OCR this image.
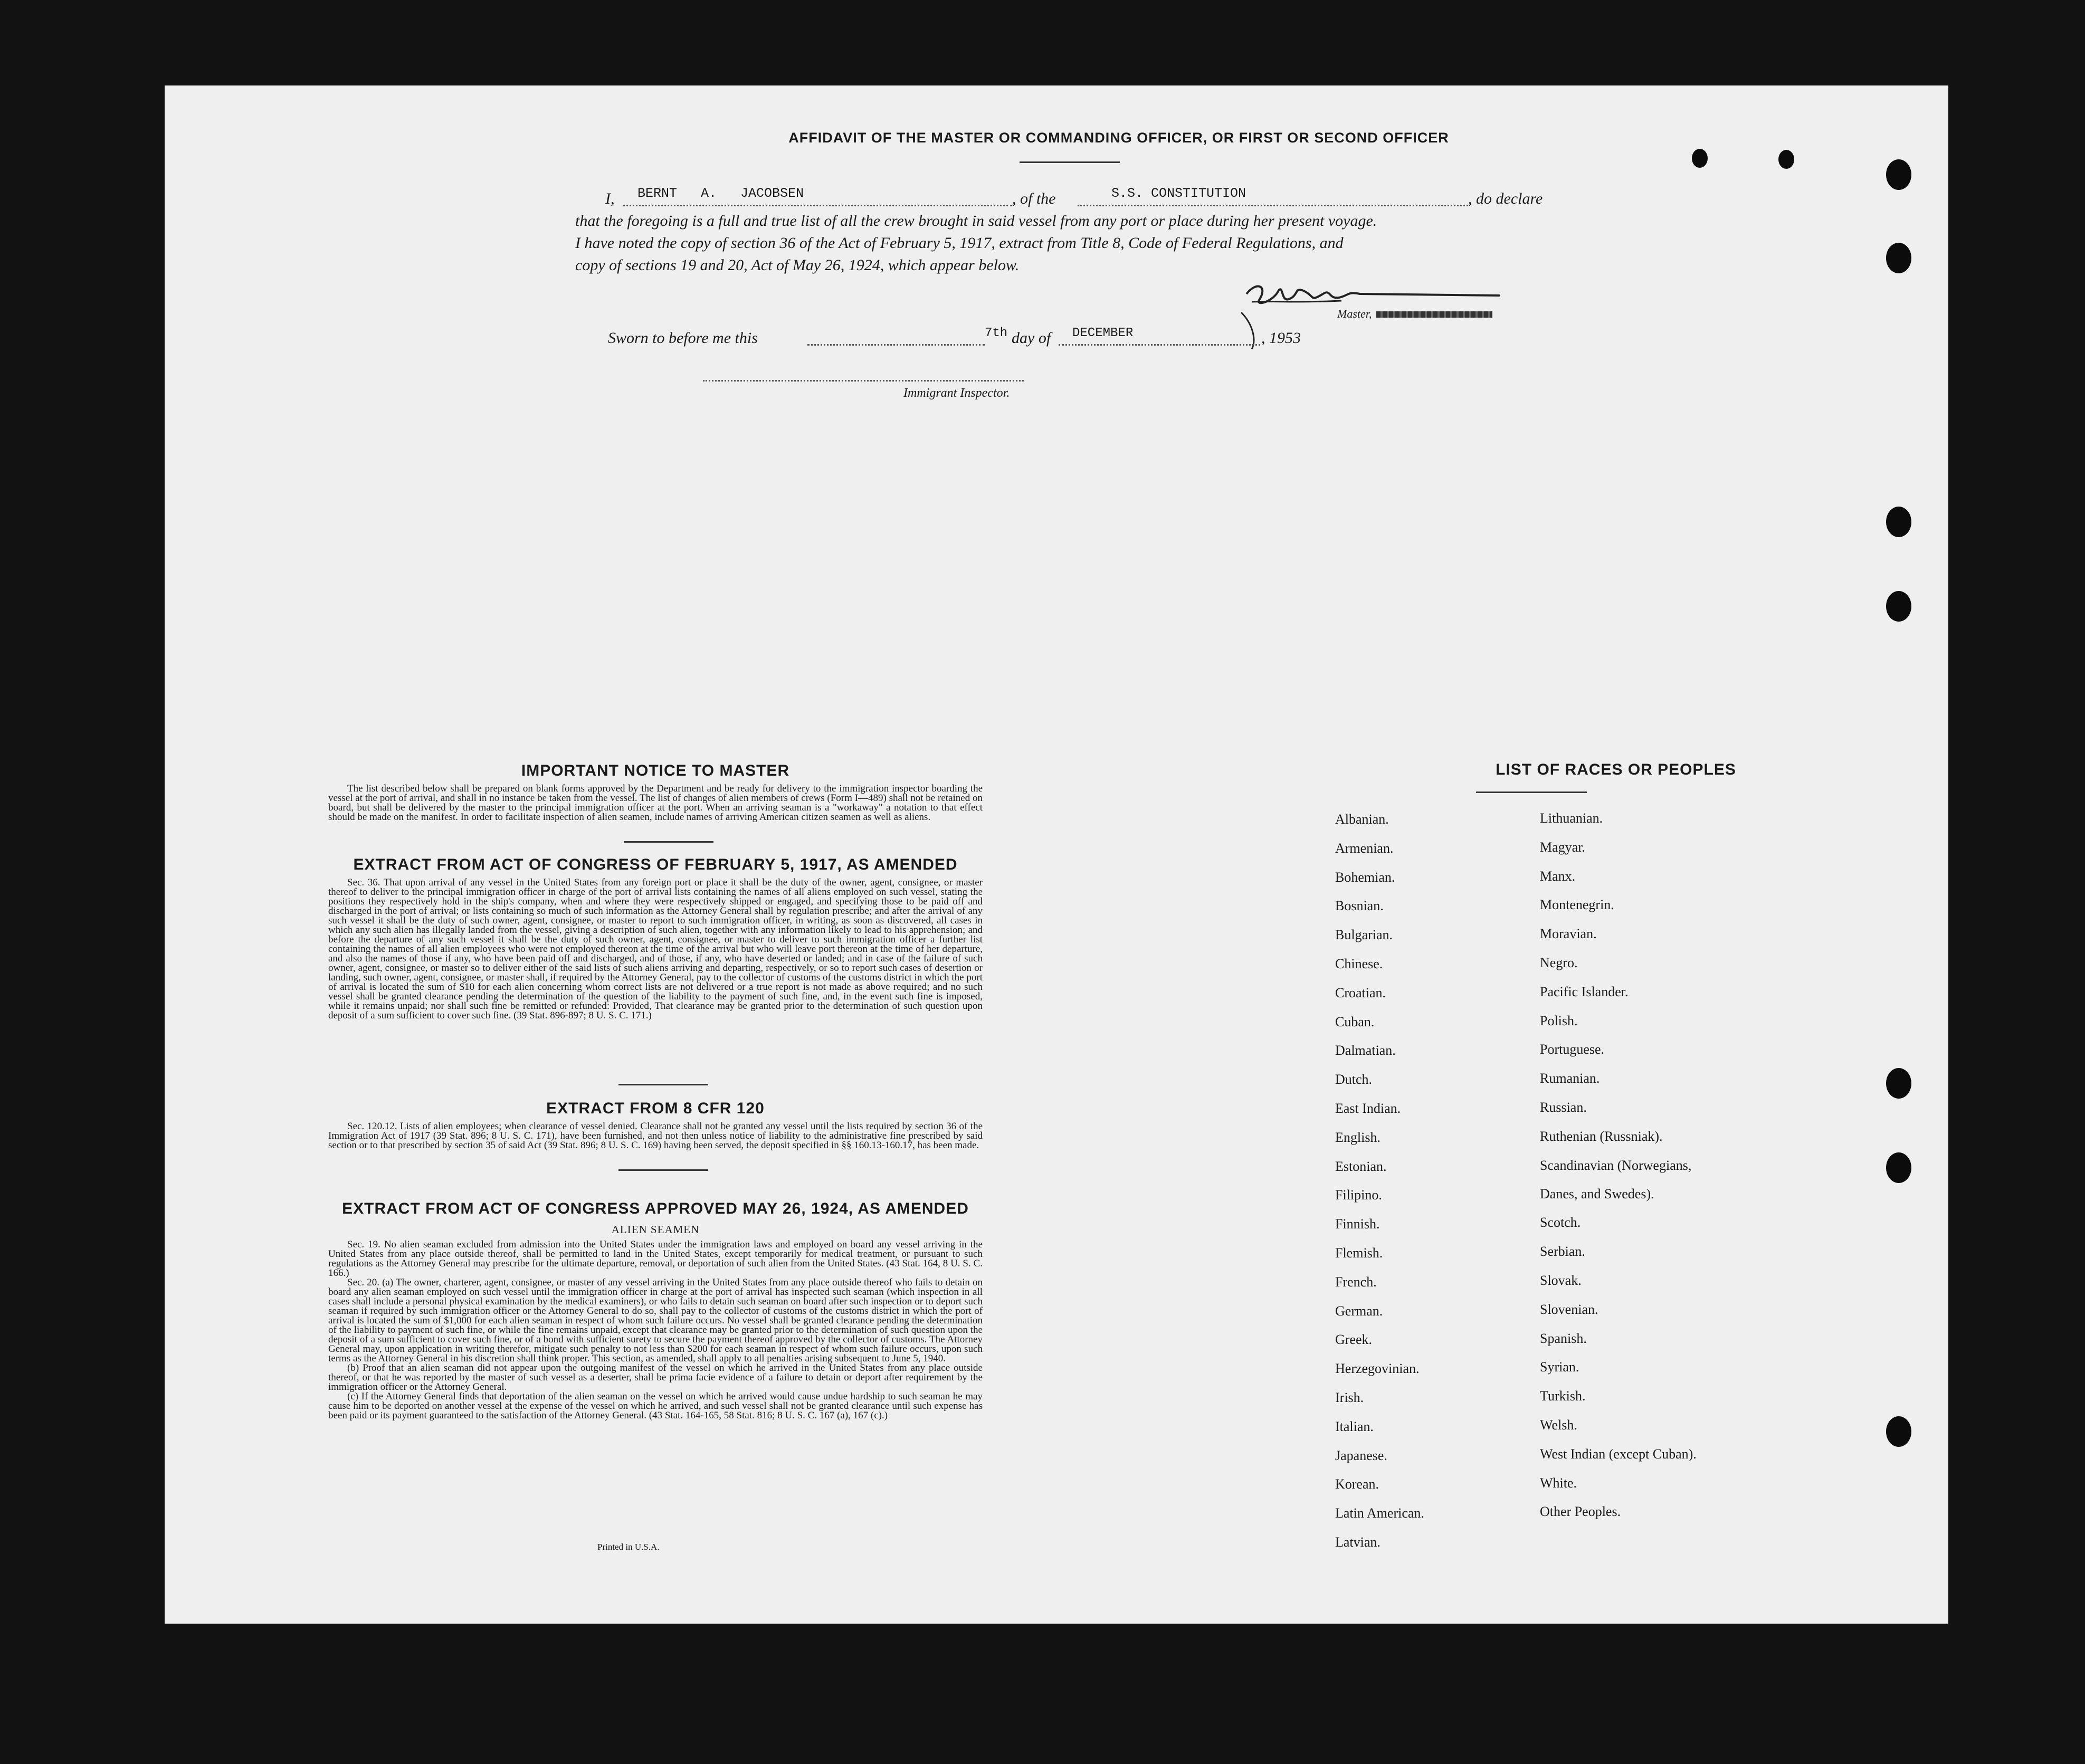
AFFIDAVIT OF THE MASTER OR COMMANDING OFFICER, OR FIRST OR SECOND OFFICER
I, BERNT   A.   JACOBSEN	, of the	S.S. CONSTITUTION	, do declare
that the foregoing is a full and true list of all the crew brought in said vessel from any port or place during her present voyage.
I have noted the copy of section 36 of the Act of February 5, 1917, extract from Title 8, Code of Federal Regulations, and
copy of sections 19 and 20, Act of May 26, 1924, which appear below.
Master,
Sworn to before me this	7th day of DECEMBER	, 1953
Immigrant Inspector.
IMPORTANT NOTICE TO MASTER

The list described below shall be prepared on blank forms approved by the Department and be ready for delivery to the immigration inspector boarding the vessel at the port of arrival, and shall in no instance be taken from the vessel. The list of changes of alien members of crews (Form I—489) shall not be retained on board, but shall be delivered by the master to the principal immigration officer at the port. When an arriving seaman is a "workaway" a notation to that effect should be made on the manifest. In order to facilitate inspection of alien seamen, include names of arriving American citizen seamen as well as aliens.

EXTRACT FROM ACT OF CONGRESS OF FEBRUARY 5, 1917, AS AMENDED

Sec. 36. That upon arrival of any vessel in the United States from any foreign port or place it shall be the duty of the owner, agent, consignee, or master thereof to deliver to the principal immigration officer in charge of the port of arrival lists containing the names of all aliens employed on such vessel, stating the positions they respectively hold in the ship's company, when and where they were respectively shipped or engaged, and specifying those to be paid off and discharged in the port of arrival; or lists containing so much of such information as the Attorney General shall by regulation prescribe; and after the arrival of any such vessel it shall be the duty of such owner, agent, consignee, or master to report to such immigration officer, in writing, as soon as discovered, all cases in which any such alien has illegally landed from the vessel, giving a description of such alien, together with any information likely to lead to his apprehension; and before the departure of any such vessel it shall be the duty of such owner, agent, consignee, or master to deliver to such immigration officer a further list containing the names of all alien employees who were not employed thereon at the time of the arrival but who will leave port thereon at the time of her departure, and also the names of those if any, who have been paid off and discharged, and of those, if any, who have deserted or landed; and in case of the failure of such owner, agent, consignee, or master so to deliver either of the said lists of such aliens arriving and departing, respectively, or so to report such cases of desertion or landing, such owner, agent, consignee, or master shall, if required by the Attorney General, pay to the collector of customs of the customs district in which the port of arrival is located the sum of $10 for each alien concerning whom correct lists are not delivered or a true report is not made as above required; and no such vessel shall be granted clearance pending the determination of the question of the liability to the payment of such fine, and, in the event such fine is imposed, while it remains unpaid; nor shall such fine be remitted or refunded: Provided, That clearance may be granted prior to the determination of such question upon deposit of a sum sufficient to cover such fine. (39 Stat. 896-897; 8 U. S. C. 171.)

EXTRACT FROM 8 CFR 120

Sec. 120.12. Lists of alien employees; when clearance of vessel denied. Clearance shall not be granted any vessel until the lists required by section 36 of the Immigration Act of 1917 (39 Stat. 896; 8 U. S. C. 171), have been furnished, and not then unless notice of liability to the administrative fine prescribed by said section or to that prescribed by section 35 of said Act (39 Stat. 896; 8 U. S. C. 169) having been served, the deposit specified in §§ 160.13-160.17, has been made.

EXTRACT FROM ACT OF CONGRESS APPROVED MAY 26, 1924, AS AMENDED
ALIEN SEAMEN

Sec. 19. No alien seaman excluded from admission into the United States under the immigration laws and employed on board any vessel arriving in the United States from any place outside thereof, shall be permitted to land in the United States, except temporarily for medical treatment, or pursuant to such regulations as the Attorney General may prescribe for the ultimate departure, removal, or deportation of such alien from the United States. (43 Stat. 164, 8 U. S. C. 166.)

Sec. 20. (a) The owner, charterer, agent, consignee, or master of any vessel arriving in the United States from any place outside thereof who fails to detain on board any alien seaman employed on such vessel until the immigration officer in charge at the port of arrival has inspected such seaman (which inspection in all cases shall include a personal physical examination by the medical examiners), or who fails to detain such seaman on board after such inspection or to deport such seaman if required by such immigration officer or the Attorney General to do so, shall pay to the collector of customs of the customs district in which the port of arrival is located the sum of $1,000 for each alien seaman in respect of whom such failure occurs. No vessel shall be granted clearance pending the determination of the liability to payment of such fine, or while the fine remains unpaid, except that clearance may be granted prior to the determination of such question upon the deposit of a sum sufficient to cover such fine, or of a bond with sufficient surety to secure the payment thereof approved by the collector of customs. The Attorney General may, upon application in writing therefor, mitigate such penalty to not less than $200 for each seaman in respect of whom such failure occurs, upon such terms as the Attorney General in his discretion shall think proper. This section, as amended, shall apply to all penalties arising subsequent to June 5, 1940.

(b) Proof that an alien seaman did not appear upon the outgoing manifest of the vessel on which he arrived in the United States from any place outside thereof, or that he was reported by the master of such vessel as a deserter, shall be prima facie evidence of a failure to detain or deport after requirement by the immigration officer or the Attorney General.

(c) If the Attorney General finds that deportation of the alien seaman on the vessel on which he arrived would cause undue hardship to such seaman he may cause him to be deported on another vessel at the expense of the vessel on which he arrived, and such vessel shall not be granted clearance until such expense has been paid or its payment guaranteed to the satisfaction of the Attorney General. (43 Stat. 164-165, 58 Stat. 816; 8 U. S. C. 167 (a), 167 (c).)

Printed in U.S.A.
LIST OF RACES OR PEOPLES
Albanian.
Armenian.
Bohemian.
Bosnian.
Bulgarian.
Chinese.
Croatian.
Cuban.
Dalmatian.
Dutch.
East Indian.
English.
Estonian.
Filipino.
Finnish.
Flemish.
French.
German.
Greek.
Herzegovinian.
Irish.
Italian.
Japanese.
Korean.
Latin American.
Latvian.
Lithuanian.
Magyar.
Manx.
Montenegrin.
Moravian.
Negro.
Pacific Islander.
Polish.
Portuguese.
Rumanian.
Russian.
Ruthenian (Russniak).
Scandinavian (Norwegians,
Danes, and Swedes).
Scotch.
Serbian.
Slovak.
Slovenian.
Spanish.
Syrian.
Turkish.
Welsh.
West Indian (except Cuban).
White.
Other Peoples.
